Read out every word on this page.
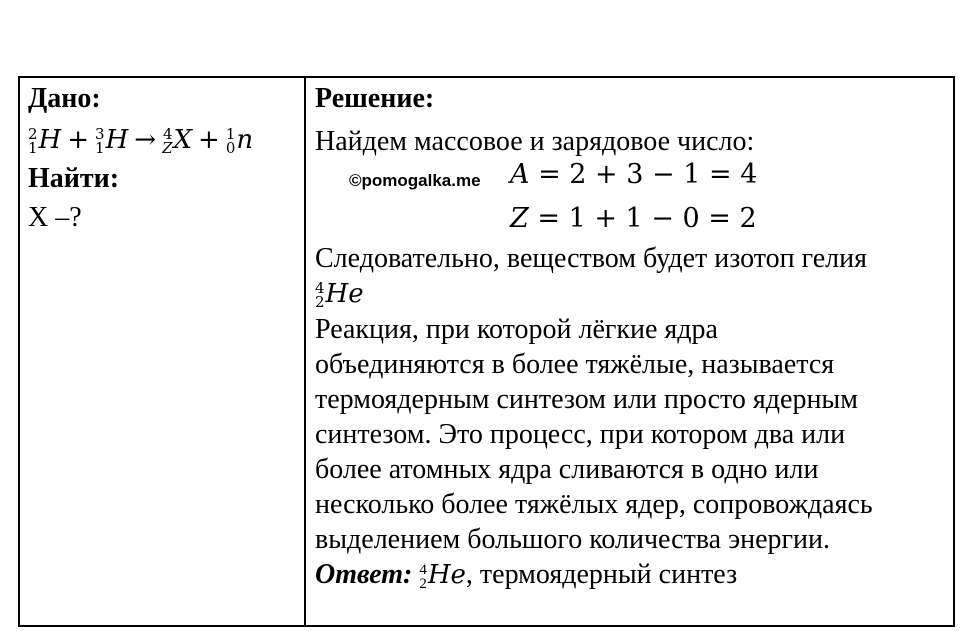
Дано:
2
1 H + 3
1 H → 4
Z X + 1
0 n
Найти:
X –?
Решение:
Найдем массовое и зарядовое число:
©pomogalka.me A = 2 + 3 − 1 = 4
Z = 1 + 1 − 0 = 2
Следовательно, веществом будет изотоп гелия
4
2 He
Реакция, при которой лёгкие ядра
объединяются в более тяжёлые, называется
термоядерным синтезом или просто ядерным
синтезом. Это процесс, при котором два или
более атомных ядра сливаются в одно или
несколько более тяжёлых ядер, сопровождаясь
выделением большого количества энергии.
Ответ: 4
2 He, термоядерный синтез
